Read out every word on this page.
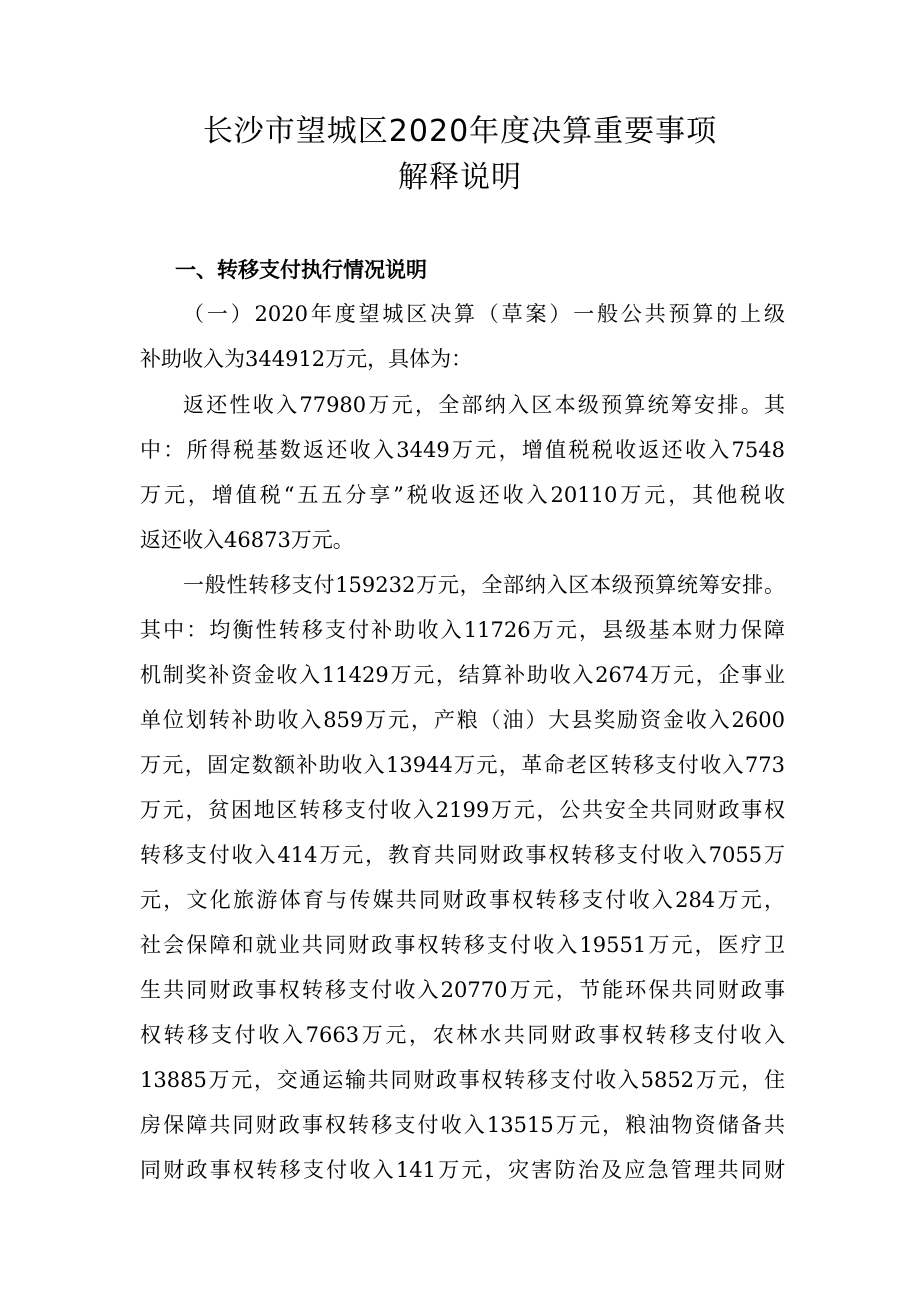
长沙市望城区2020年度决算重要事项
解释说明
一、转移支付执行情况说明
（一）2020年度望城区决算（草案）一般公共预算的上级
补助收入为344912万元，具体为：
返还性收入77980万元，全部纳入区本级预算统筹安排。其
中：所得税基数返还收入3449万元，增值税税收返还收入7548
万元，增值税“五五分享”税收返还收入20110万元，其他税收
返还收入46873万元。
一般性转移支付159232万元，全部纳入区本级预算统筹安排。
其中：均衡性转移支付补助收入11726万元，县级基本财力保障
机制奖补资金收入11429万元，结算补助收入2674万元，企事业
单位划转补助收入859万元，产粮（油）大县奖励资金收入2600
万元，固定数额补助收入13944万元，革命老区转移支付收入773
万元，贫困地区转移支付收入2199万元，公共安全共同财政事权
转移支付收入414万元，教育共同财政事权转移支付收入7055万
元，文化旅游体育与传媒共同财政事权转移支付收入284万元，
社会保障和就业共同财政事权转移支付收入19551万元，医疗卫
生共同财政事权转移支付收入20770万元，节能环保共同财政事
权转移支付收入7663万元，农林水共同财政事权转移支付收入
13885万元，交通运输共同财政事权转移支付收入5852万元，住
房保障共同财政事权转移支付收入13515万元，粮油物资储备共
同财政事权转移支付收入141万元，灾害防治及应急管理共同财
